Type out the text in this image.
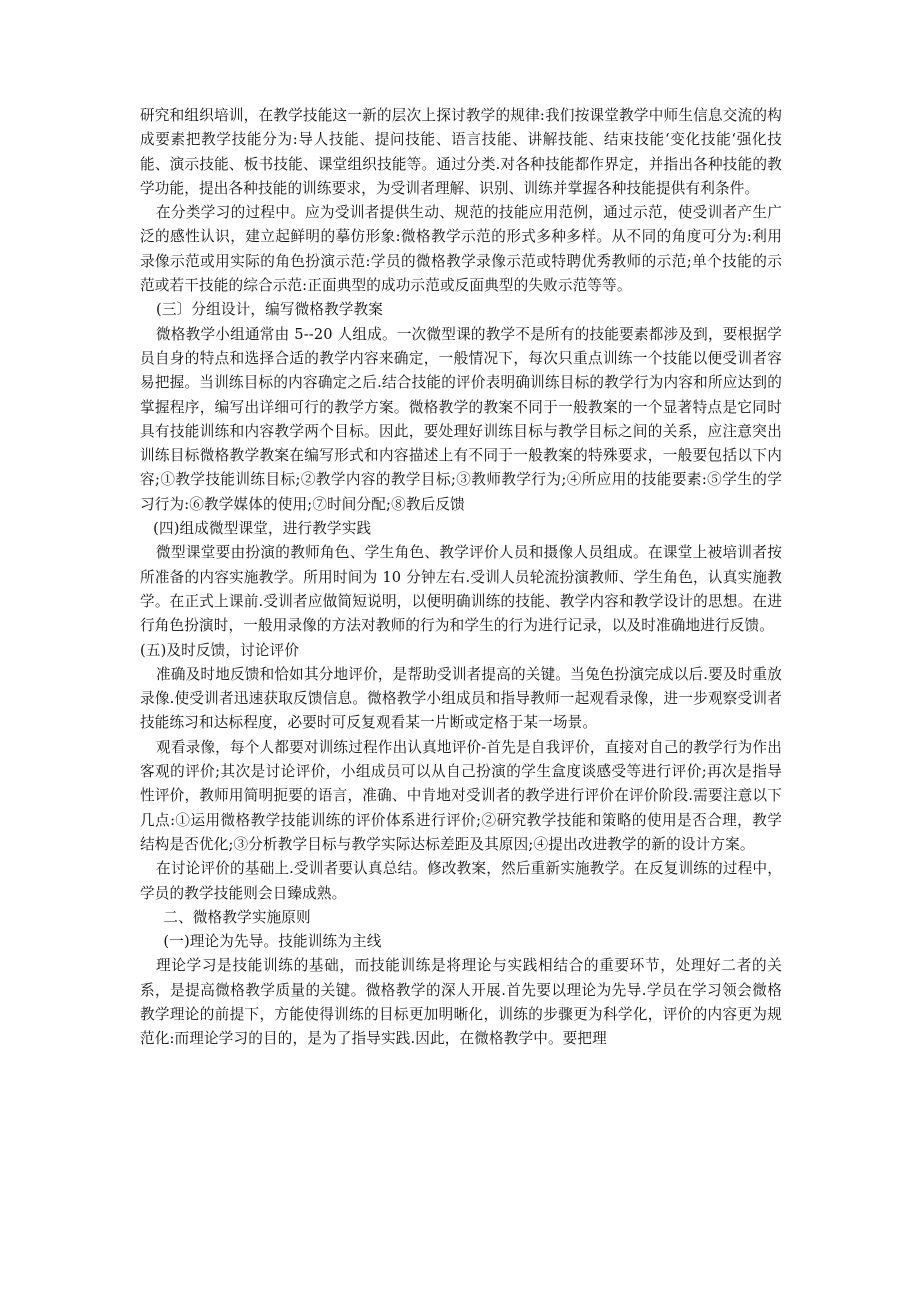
研究和组织培训，在教学技能这一新的层次上探讨教学的规律:我们按课堂教学中师生信息交流的构成要素把教学技能分为:导人技能、提问技能、语言技能、讲解技能、结束技能‘变化技能‘强化技能、演示技能、板书技能、课堂组织技能等。通过分类.对各种技能都作界定，并指出各种技能的教学功能，提出各种技能的训练要求，为受训者理解、识别、训练并掌握各种技能提供有利条件。

在分类学习的过程中。应为受训者提供生动、规范的技能应用范例，通过示范，使受训者产生广泛的感性认识，建立起鲜明的摹仿形象:微格教学示范的形式多种多样。从不同的角度可分为:利用录像示范或用实际的角色扮演示范:学员的微格教学录像示范或特聘优秀教师的示范;单个技能的示范或若干技能的综合示范:正面典型的成功示范或反面典型的失败示范等等。

(三〕分组设计，编写微格教学教案

微格教学小组通常由 5--20 人组成。一次微型课的教学不是所有的技能要素都涉及到，要根据学员自身的特点和选择合适的教学内容来确定，一般情况下，每次只重点训练一个技能以便受训者容易把握。当训练目标的内容确定之后.结合技能的评价表明确训练目标的教学行为内容和所应达到的掌握程序，编写出详细可行的教学方案。微格教学的教案不同于一般教案的一个显著特点是它同时具有技能训练和内容教学两个目标。因此，要处理好训练目标与教学目标之间的关系，应注意突出训练目标微格教学教案在编写形式和内容描述上有不同于一般教案的特殊要求，一般要包括以下内容;①教学技能训练目标;②教学内容的教学目标;③教师教学行为;④所应用的技能要素:⑤学生的学习行为:⑥教学媒体的使用;⑦时间分配;⑧教后反馈

(四)组成微型课堂，进行教学实践

微型课堂要由扮演的教师角色、学生角色、教学评价人员和摄像人员组成。在课堂上被培训者按所准备的内容实施教学。所用时间为 10 分钟左右.受训人员轮流扮演教师、学生角色，认真实施教学。在正式上课前.受训者应做简短说明，以便明确训练的技能、教学内容和教学设计的思想。在进行角色扮演时，一般用录像的方法对教师的行为和学生的行为进行记录，以及时准确地进行反馈。

(五)及时反馈，讨论评价

准确及时地反馈和恰如其分地评价，是帮助受训者提高的关键。当兔色扮演完成以后.要及时重放录像.使受训者迅速获取反馈信息。微格教学小组成员和指导教师一起观看录像，进一步观察受训者技能练习和达标程度，必要时可反复观看某一片断或定格于某一场景。

观看录像，每个人都要对训练过程作出认真地评价-首先是自我评价，直接对自己的教学行为作出客观的评价;其次是讨论评价，小组成员可以从自己扮演的学生盒度谈感受等进行评价;再次是指导性评价，教师用简明扼要的语言，准确、中肯地对受训者的教学进行评价在评价阶段.需要注意以下几点:①运用微格教学技能训练的评价体系进行评价;②研究教学技能和策略的使用是否合理，教学结构是否优化;③分析教学目标与教学实际达标差距及其原因;④提出改进教学的新的设计方案。

在讨论评价的基础上.受训者要认真总结。修改教案，然后重新实施教学。在反复训练的过程中，学员的教学技能则会日臻成熟。

二、微格教学实施原则

(一)理论为先导。技能训练为主线

理论学习是技能训练的基础，而技能训练是将理论与实践相结合的重要环节，处理好二者的关系，是提高微格教学质量的关键。微格教学的深人开展.首先要以理论为先导.学员在学习领会微格教学理论的前提下，方能使得训练的目标更加明晰化，训练的步骤更为科学化，评价的内容更为规范化:而理论学习的目的，是为了指导实践.因此，在微格教学中。要把理
